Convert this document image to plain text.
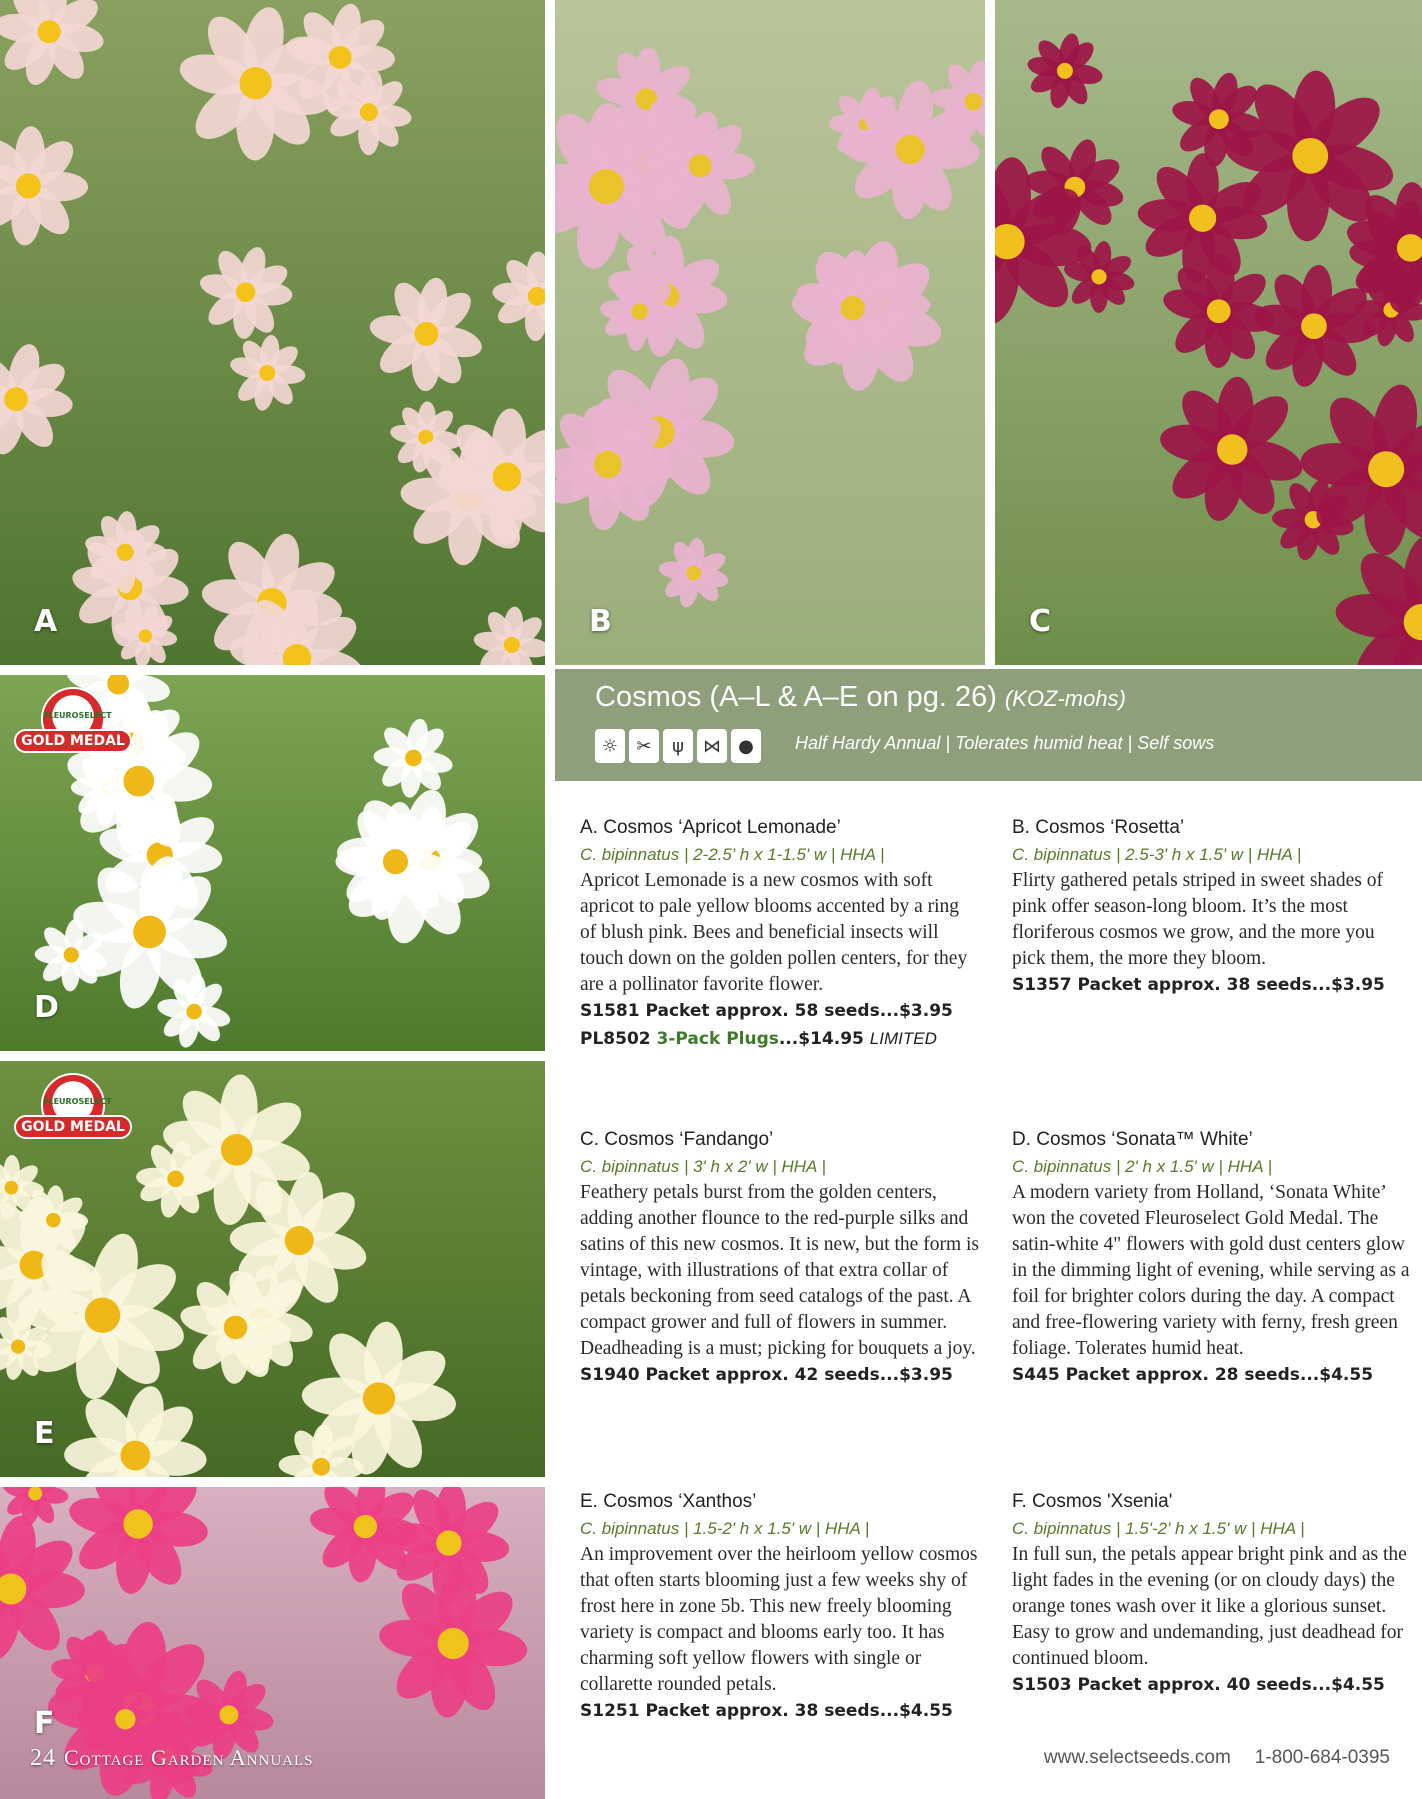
A	B	C
FLEUROSELECT
GOLD MEDAL
D
FLEUROSELECT
GOLD MEDAL
E
F
Cosmos (A–L & A–E on pg. 26) (KOZ-mohs)
☼	✂	ψ	⋈ ●	Half Hardy Annual | Tolerates humid heat | Self sows
A. Cosmos ‘Apricot Lemonade’
C. bipinnatus | 2-2.5' h x 1-1.5' w | HHA |
Apricot Lemonade is a new cosmos with soft apricot to pale yellow blooms accented by a ring of blush pink. Bees and beneficial insects will touch down on the golden pollen centers, for they are a pollinator favorite flower.
S1581 Packet approx. 58 seeds...$3.95
PL8502 3-Pack Plugs...$14.95 LIMITED
B. Cosmos ‘Rosetta’
C. bipinnatus | 2.5-3' h x 1.5' w | HHA |
Flirty gathered petals striped in sweet shades of pink offer season-long bloom. It’s the most floriferous cosmos we grow, and the more you pick them, the more they bloom.
S1357 Packet approx. 38 seeds...$3.95
C. Cosmos ‘Fandango’
C. bipinnatus | 3' h x 2' w | HHA |
Feathery petals burst from the golden centers, adding another flounce to the red-purple silks and satins of this new cosmos. It is new, but the form is vintage, with illustrations of that extra collar of petals beckoning from seed catalogs of the past. A compact grower and full of flowers in summer. Deadheading is a must; picking for bouquets a joy.
S1940 Packet approx. 42 seeds...$3.95
D. Cosmos ‘Sonata™ White’
C. bipinnatus | 2' h x 1.5' w | HHA |
A modern variety from Holland, ‘Sonata White’ won the coveted Fleuroselect Gold Medal. The satin-white 4" flowers with gold dust centers glow in the dimming light of evening, while serving as a foil for brighter colors during the day. A compact and free-flowering variety with ferny, fresh green foliage. Tolerates humid heat.
S445 Packet approx. 28 seeds...$4.55
E. Cosmos ‘Xanthos’
C. bipinnatus | 1.5-2' h x 1.5' w | HHA |
An improvement over the heirloom yellow cosmos that often starts blooming just a few weeks shy of frost here in zone 5b. This new freely blooming variety is compact and blooms early too. It has charming soft yellow flowers with single or collarette rounded petals.
S1251 Packet approx. 38 seeds...$4.55
F. Cosmos 'Xsenia'
C. bipinnatus | 1.5'-2' h x 1.5' w | HHA |
In full sun, the petals appear bright pink and as the light fades in the evening (or on cloudy days) the orange tones wash over it like a glorious sunset. Easy to grow and undemanding, just deadhead for continued bloom.
S1503 Packet approx. 40 seeds...$4.55
24 Cottage Garden Annuals	www.selectseeds.com 1-800-684-0395
